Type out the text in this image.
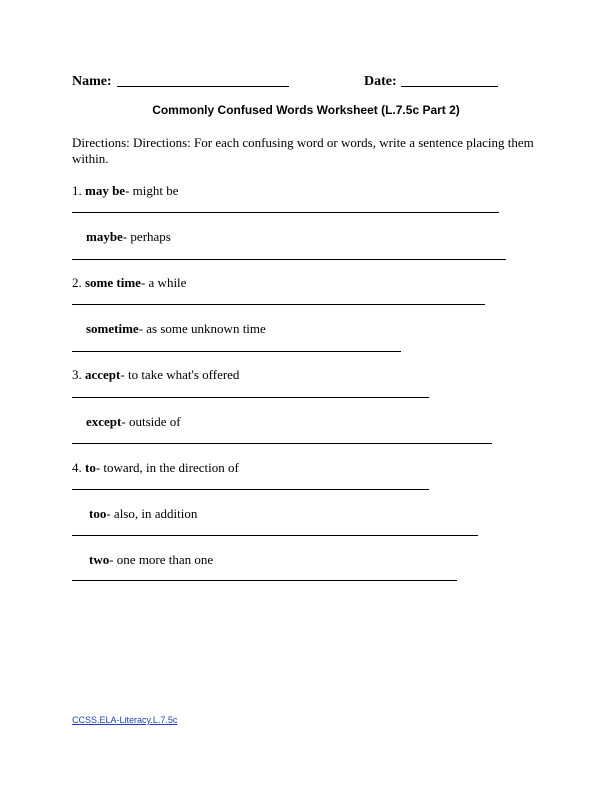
Name:	Date:
Commonly Confused Words Worksheet (L.7.5c Part 2)
Directions: Directions: For each confusing word or words, write a sentence placing them within.
1. may be- might be
maybe- perhaps
2. some time- a while
sometime- as some unknown time
3. accept- to take what's offered
except- outside of
4. to- toward, in the direction of
too- also, in addition
two- one more than one
CCSS.ELA-Literacy.L.7.5c
